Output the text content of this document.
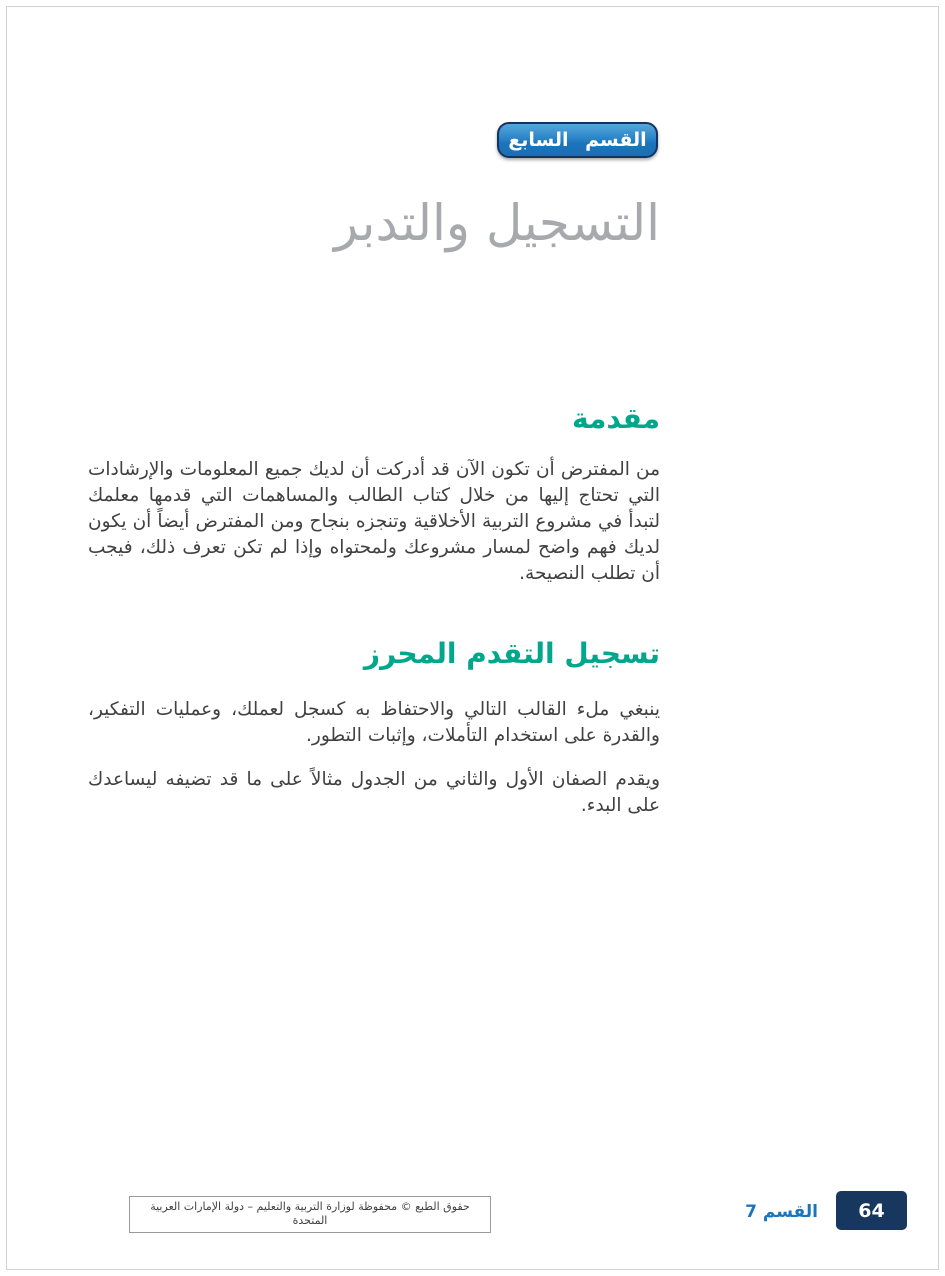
القسم السابع
التسجيل والتدبر
مقدمة

من المفترض أن تكون الآن قد أدركت أن لديك جميع المعلومات والإرشادات التي تحتاج إليها من خلال كتاب الطالب والمساهمات التي قدمها معلمك لتبدأ في مشروع التربية الأخلاقية وتنجزه بنجاح ومن المفترض أيضاً أن يكون لديك فهم واضح لمسار مشروعك ولمحتواه وإذا لم تكن تعرف ذلك، فيجب أن تطلب النصيحة.

تسجيل التقدم المحرز

ينبغي ملء القالب التالي والاحتفاظ به كسجل لعملك، وعمليات التفكير، والقدرة على استخدام التأملات، وإثبات التطور.

ويقدم الصفان الأول والثاني من الجدول مثالاً على ما قد تضيفه ليساعدك على البدء.

حقوق الطبع © محفوظة لوزارة التربية والتعليم – دولة الإمارات العربية المتحدة	القسم 7 64
